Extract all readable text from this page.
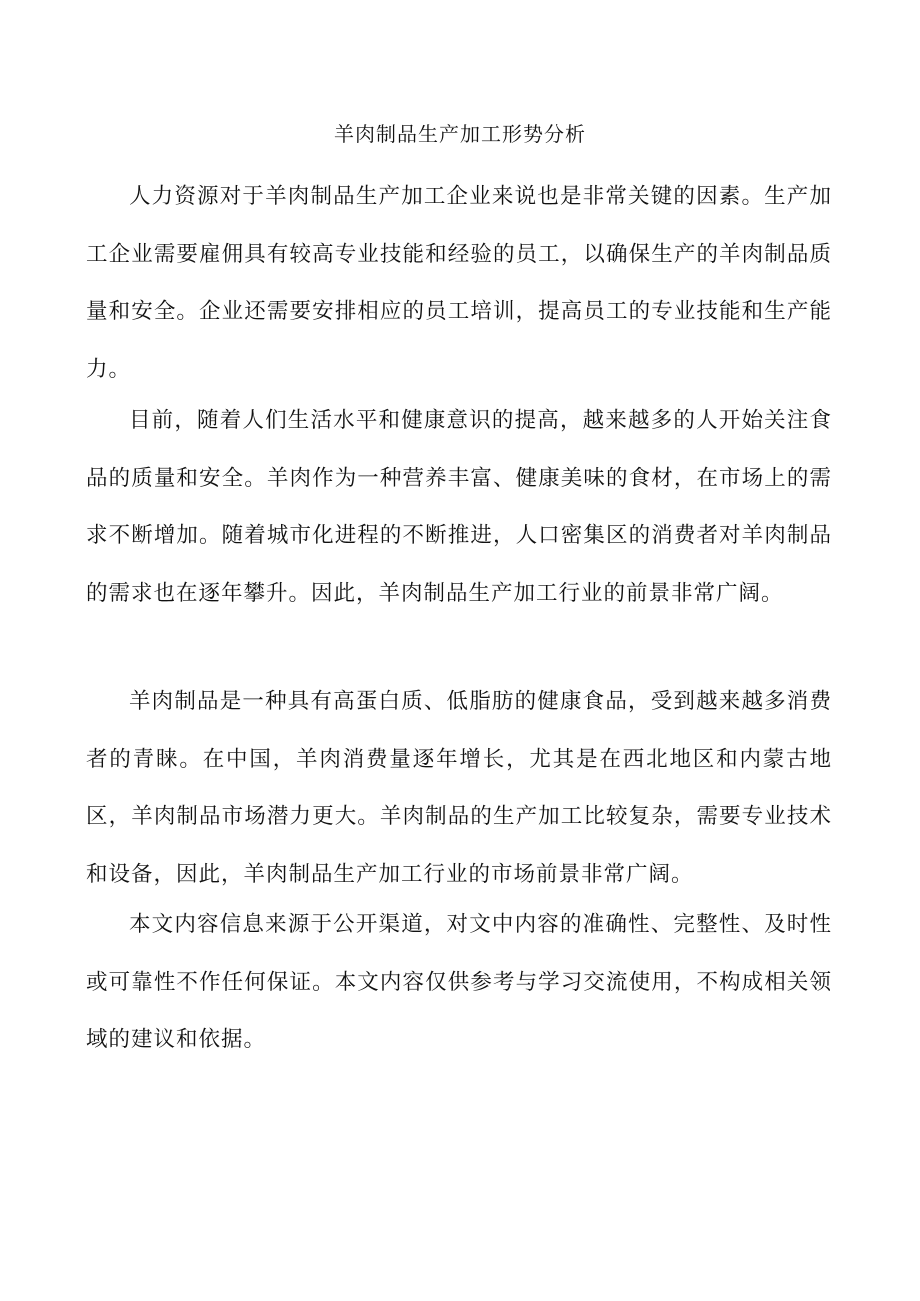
羊肉制品生产加工形势分析

人力资源对于羊肉制品生产加工企业来说也是非常关键的因素。生产加工企业需要雇佣具有较高专业技能和经验的员工，以确保生产的羊肉制品质量和安全。企业还需要安排相应的员工培训，提高员工的专业技能和生产能力。

目前，随着人们生活水平和健康意识的提高，越来越多的人开始关注食品的质量和安全。羊肉作为一种营养丰富、健康美味的食材，在市场上的需求不断增加。随着城市化进程的不断推进，人口密集区的消费者对羊肉制品的需求也在逐年攀升。因此，羊肉制品生产加工行业的前景非常广阔。

羊肉制品是一种具有高蛋白质、低脂肪的健康食品，受到越来越多消费者的青睐。在中国，羊肉消费量逐年增长，尤其是在西北地区和内蒙古地区，羊肉制品市场潜力更大。羊肉制品的生产加工比较复杂，需要专业技术和设备，因此，羊肉制品生产加工行业的市场前景非常广阔。

本文内容信息来源于公开渠道，对文中内容的准确性、完整性、及时性或可靠性不作任何保证。本文内容仅供参考与学习交流使用，不构成相关领域的建议和依据。
